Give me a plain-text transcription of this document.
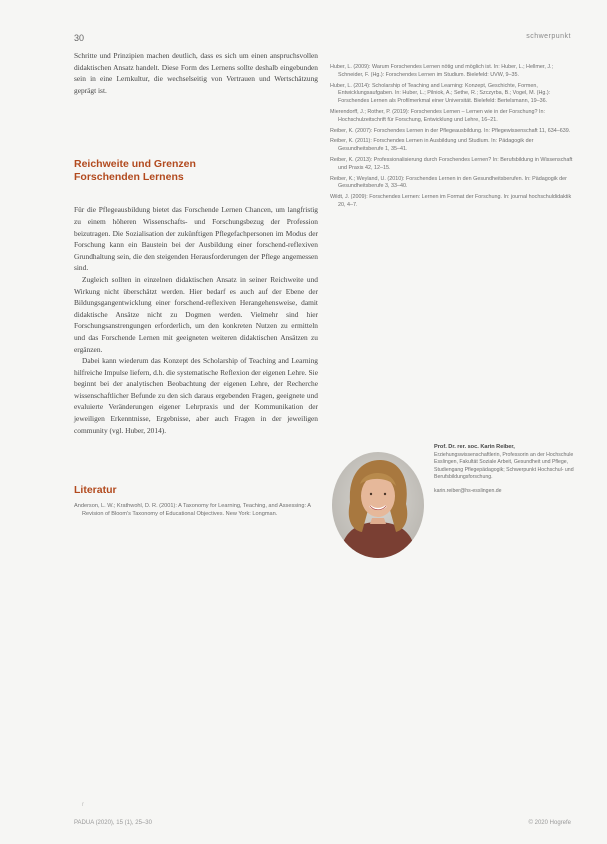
30	schwerpunkt

Schritte und Prinzipien machen deutlich, dass es sich um einen anspruchsvollen didaktischen Ansatz handelt. Diese Form des Lernens sollte deshalb eingebunden sein in eine Lernkultur, die wechselseitig von Vertrauen und Wertschätzung geprägt ist.

Reichweite und Grenzen
Forschenden Lernens

Für die Pflegeausbildung bietet das Forschende Lernen Chancen, um langfristig zu einem höheren Wissenschafts- und Forschungsbezug der Profession beizutragen. Die Sozialisation der zukünftigen Pflegefachpersonen im Modus der Forschung kann ein Baustein bei der Ausbildung einer forschend-reflexiven Grundhaltung sein, die den steigenden Herausforderungen der Pflege angemessen sind.

Zugleich sollten in einzelnen didaktischen Ansatz in seiner Reichweite und Wirkung nicht überschätzt werden. Hier bedarf es auch auf der Ebene der Bildungsgangentwicklung einer forschend-reflexiven Herangehensweise, damit didaktische Ansätze nicht zu Dogmen werden. Vielmehr sind hier Forschungsanstrengungen erforderlich, um den konkreten Nutzen zu ermitteln und das Forschende Lernen mit geeigneten weiteren didaktischen Ansätzen zu ergänzen.

Dabei kann wiederum das Konzept des Scholarship of Teaching and Learning hilfreiche Impulse liefern, d.h. die systematische Reflexion der eigenen Lehre. Sie beginnt bei der analytischen Beobachtung der eigenen Lehre, der Recherche wissenschaftlicher Befunde zu den sich daraus ergebenden Fragen, geeignete und evaluierte Veränderungen eigener Lehrpraxis und der Kommunikation der jeweiligen Erkenntnisse, Ergebnisse, aber auch Fragen in der jeweiligen community (vgl. Huber, 2014).

Literatur

Anderson, L. W.; Krathwohl, D. R. (2001): A Taxonomy for Learning, Teaching, and Assessing: A Revision of Bloom's Taxonomy of Educational Objectives. New York: Longman.

Huber, L. (2009): Warum Forschendes Lernen nötig und möglich ist. In: Huber, L.; Hellmer, J.; Schneider, F. (Hg.): Forschendes Lernen im Studium. Bielefeld: UVW, 9–35.

Huber, L. (2014): Scholarship of Teaching and Learning: Konzept, Geschichte, Formen, Entwicklungsaufgaben. In: Huber, L.; Pilniok, A.; Sethe, R.; Szczyrba, B.; Vogel, M. (Hg.): Forschendes Lernen als Profilmerkmal einer Universität. Bielefeld: Bertelsmann, 19–36.

Mierendorff, J.; Rother, P. (2019): Forschendes Lernen – Lernen wie in der Forschung? In: Hochschulzeitschrift für Forschung, Entwicklung und Lehre, 16–21.

Reiber, K. (2007): Forschendes Lernen in der Pflegeausbildung. In: Pflegewissenschaft 11, 634–639.

Reiber, K. (2011): Forschendes Lernen in Ausbildung und Studium. In: Pädagogik der Gesundheitsberufe 1, 35–41.

Reiber, K. (2013): Professionalisierung durch Forschendes Lernen? In: Berufsbildung in Wissenschaft und Praxis 42, 12–15.

Reiber, K.; Weyland, U. (2010): Forschendes Lernen in den Gesundheitsberufen. In: Pädagogik der Gesundheitsberufe 3, 33–40.

Wildt, J. (2009): Forschendes Lernen: Lernen im Format der Forschung. In: journal hochschuldidaktik 20, 4–7.

Prof. Dr. rer. soc. Karin Reiber,
Erziehungswissenschaftlerin, Professorin an der Hochschule Esslingen, Fakultät Soziale Arbeit, Gesundheit und Pflege, Studiengang Pflegepädagogik; Schwerpunkt Hochschul- und Berufsbildungsforschung.
karin.reiber@hs-esslingen.de
r
PADUA (2020), 15 (1), 25–30	© 2020 Hogrefe
